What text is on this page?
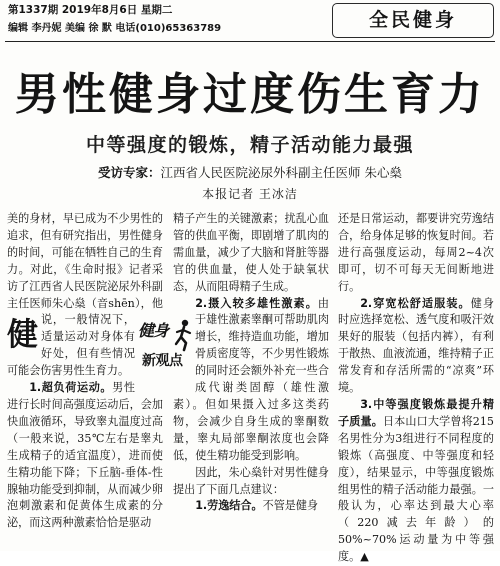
第1337期 2019年8月6日 星期二
编辑 李丹妮 美编 徐 默 电话(010)65363789	全民健身
男性健身过度伤生育力
中等强度的锻炼，精子活动能力最强
受访专家：江西省人民医院泌尿外科副主任医师 朱心燊
本报记者 王冰洁

健
美的身材，早已成为不少男性的追求，但有研究指出，男性健身的时间，可能在牺牲自己的生育力。对此，《生命时报》记者采访了江西省人民医院泌尿外科副主任医师朱心燊（音shēn），他说，一般情况下，适量运动对身体有好处，但有些情况可能会伤害男性生育力。

1.超负荷运动。男性进行长时间高强度运动后，会加快血液循环，导致睾丸温度过高（一般来说，35℃左右是睾丸生成精子的适宜温度），进而使生精功能下降；下丘脑-垂体-性腺轴功能受到抑制，从而减少卵泡刺激素和促黄体生成素的分泌，而这两种激素恰恰是驱动

精子产生的关键激素；扰乱心血管的供血平衡，即剧增了肌肉的需血量，减少了大脑和肾脏等器官的供血量，使人处于缺氧状态，从而阻碍精子生成。

2.摄入较多雄性激素。由于雄性激素睾酮可帮助肌肉增长，维持造血功能，增加骨质密度等，不少男性锻炼的同时还会额外补充一些合成代谢类固醇（雄性激素）。但如果摄入过多这类药物，会减少自身生成的睾酮数量，睾丸局部睾酮浓度也会降低，使生精功能受到影响。

因此，朱心燊针对男性健身提出了下面几点建议：

1.劳逸结合。不管是健身

还是日常运动，都要讲究劳逸结合，给身体足够的恢复时间。若进行高强度运动，每周2~4次即可，切不可每天无间断地进行。

2.穿宽松舒适服装。健身时应选择宽松、透气度和吸汗效果好的服装（包括内裤），有利于散热、血液流通，维持精子正常发育和存活所需的“凉爽”环境。

3.中等强度锻炼最提升精子质量。日本山口大学曾将215名男性分为3组进行不同程度的锻炼（高强度、中等强度和轻度），结果显示，中等强度锻炼组男性的精子活动能力最强。一般认为，心率达到最大心率（220减去年龄）的50%~70%运动量为中等强度。▲

健身
新观点
